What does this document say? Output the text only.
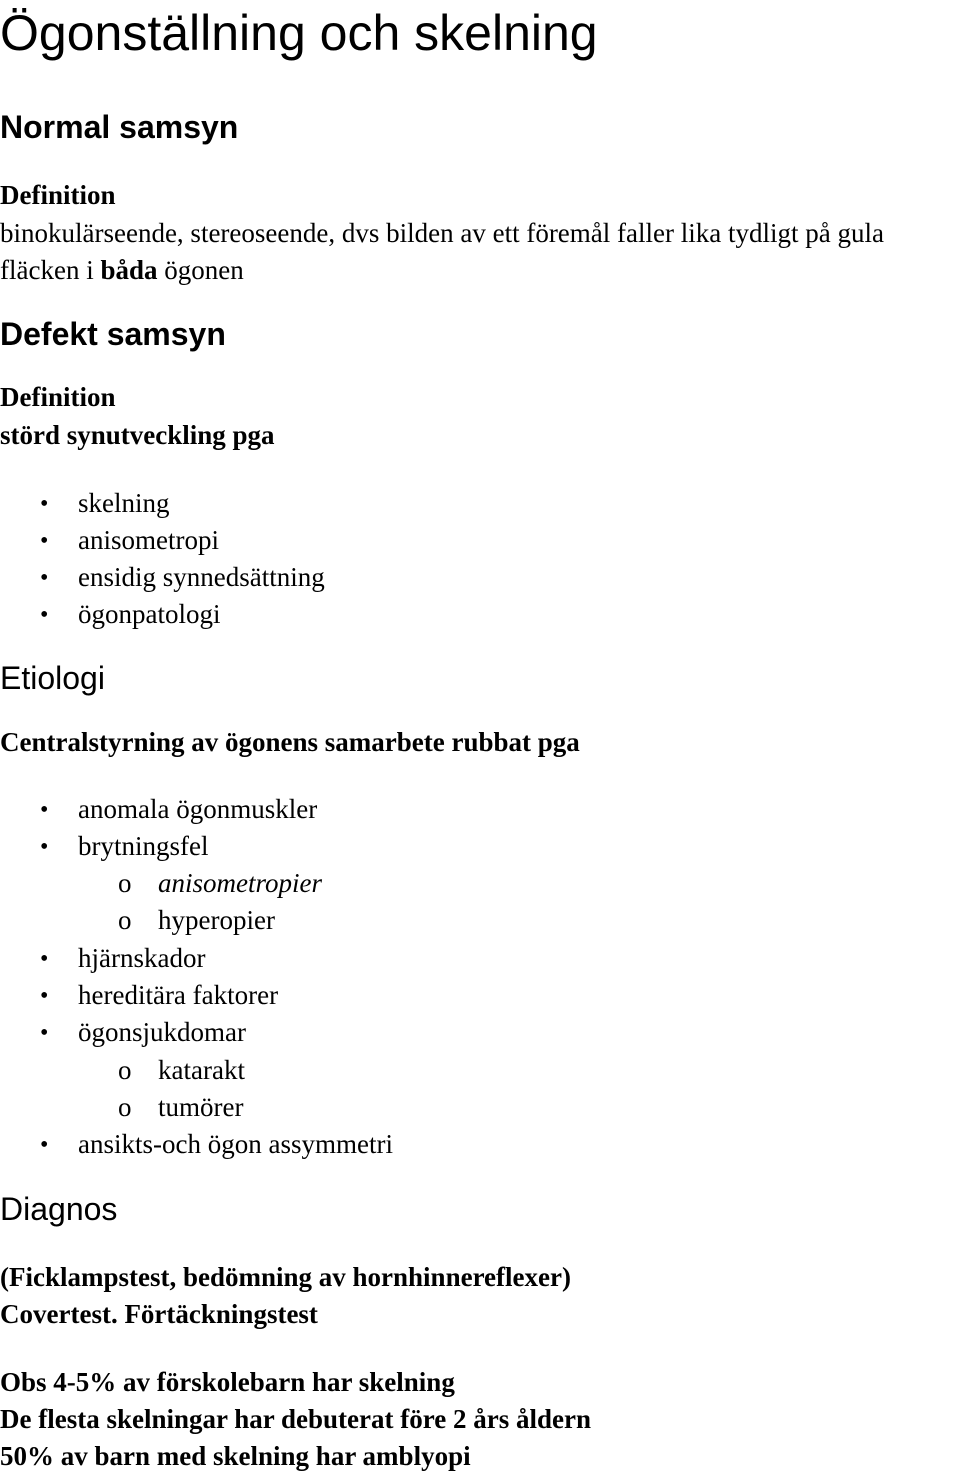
Ögonställning och skelning
Normal samsyn
Definition
binokulärseende, stereoseende, dvs bilden av ett föremål faller lika tydligt på gula
fläcken i båda ögonen
Defekt samsyn
Definition
störd synutveckling pga
• skelning
• anisometropi
• ensidig synnedsättning
• ögonpatologi
Etiologi
Centralstyrning av ögonens samarbete rubbat pga
• anomala ögonmuskler
• brytningsfel
o anisometropier
o hyperopier
• hjärnskador
• hereditära faktorer
• ögonsjukdomar
o katarakt
o tumörer
• ansikts-och ögon assymmetri
Diagnos
(Ficklampstest, bedömning av hornhinnereflexer)
Covertest. Förtäckningstest
Obs 4-5% av förskolebarn har skelning
De flesta skelningar har debuterat före 2 års åldern
50% av barn med skelning har amblyopi
